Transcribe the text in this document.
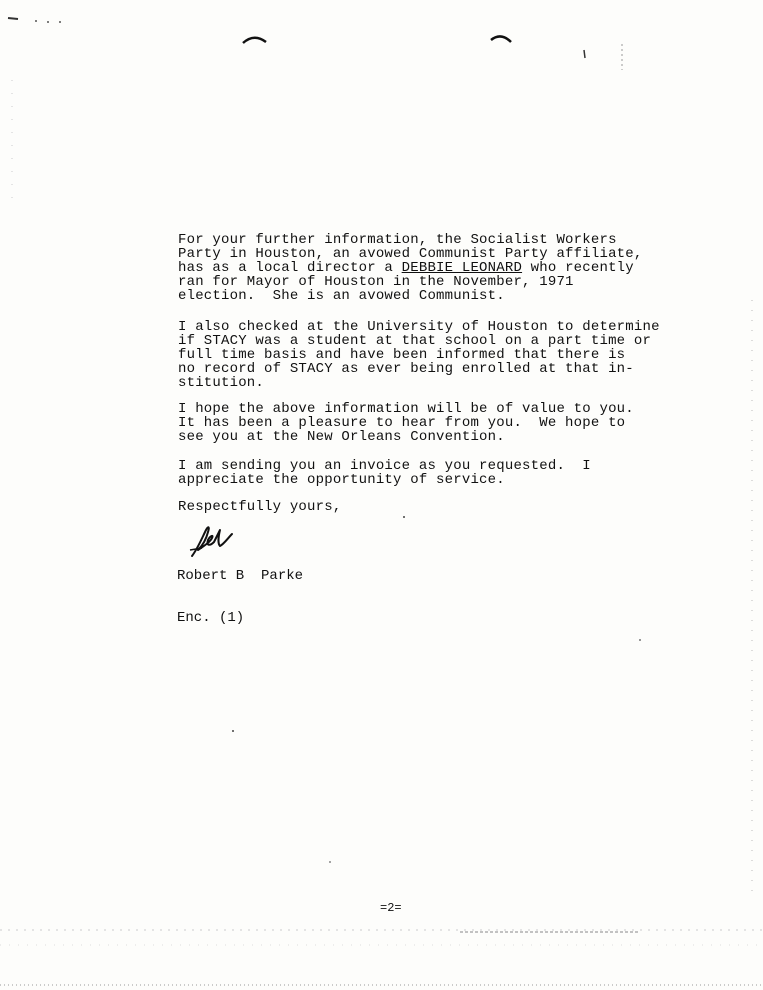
For your further information, the Socialist Workers
Party in Houston, an avowed Communist Party affiliate,
has as a local director a DEBBIE LEONARD who recently
ran for Mayor of Houston in the November, 1971
election.  She is an avowed Communist.

I also checked at the University of Houston to determine
if STACY was a student at that school on a part time or
full time basis and have been informed that there is
no record of STACY as ever being enrolled at that in-
stitution.

I hope the above information will be of value to you.
It has been a pleasure to hear from you.  We hope to
see you at the New Orleans Convention.

I am sending you an invoice as you requested.  I
appreciate the opportunity of service.

Respectfully yours,

Robert B  Parke
Enc. (1)
=2=
